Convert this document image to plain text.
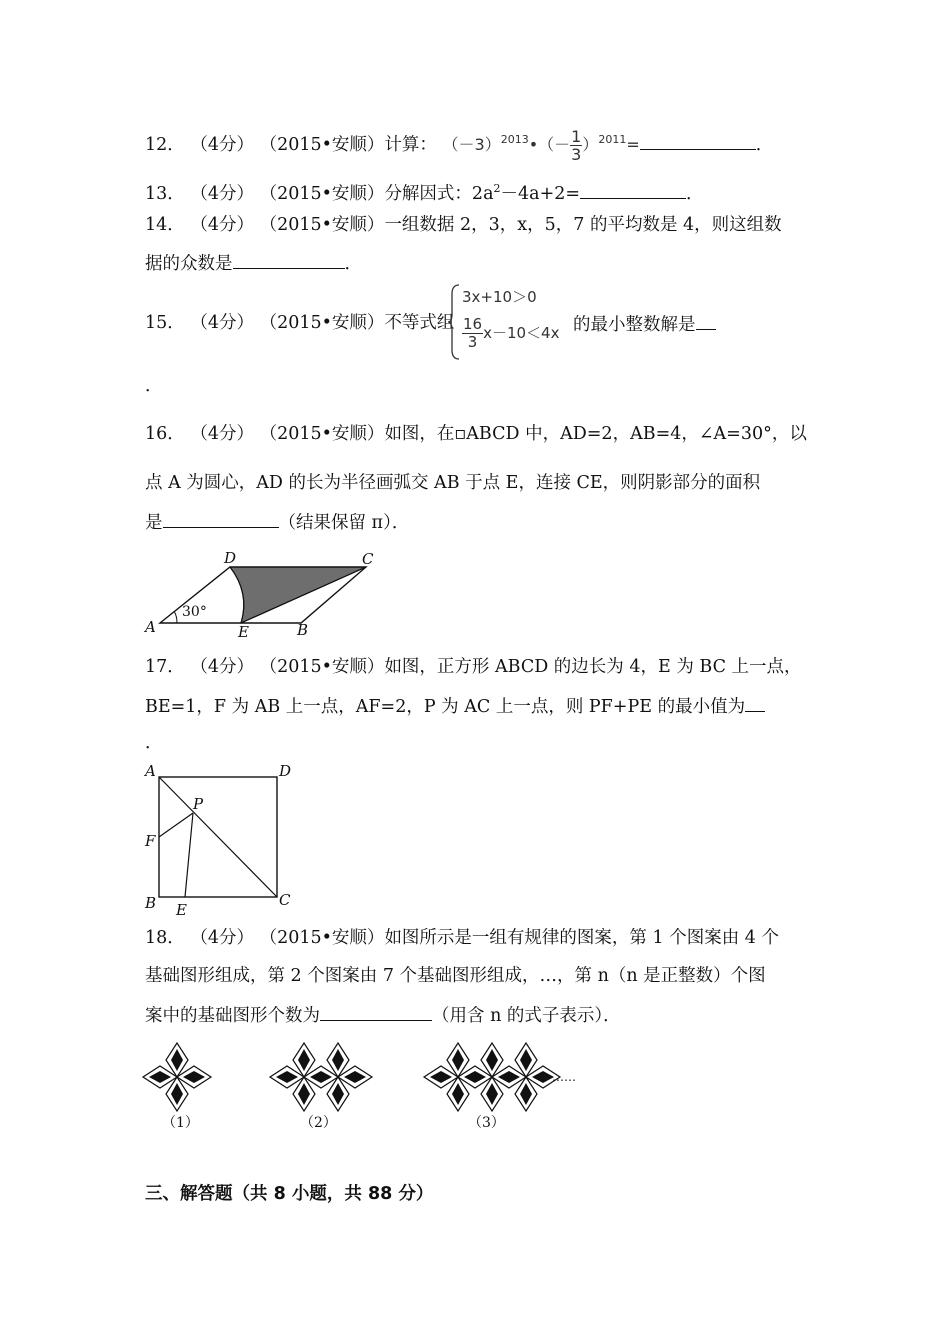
12． （4分） （2015•安顺）计算： $(-3)^{2013}•(- \frac{1}{3} )^{2011}=$	．
13． （4分） （2015•安顺）分解因式：$2a^2-4a+2=$	．
14． （4分） （2015•安顺）一组数据 2，3，x，5，7 的平均数是 4，则这组数
据的众数是	．
15． （4分） （2015•安顺）不等式组
3x+10＞0
$\frac{16}{3} x-10<4x$ 的最小整数解是
．
16． （4分） （2015•安顺）如图，在▫ABCD 中，AD=2，AB=4，∠A=30°，以
点 A 为圆心，AD 的长为半径画弧交 AB 于点 E，连接 CE，则阴影部分的面积
是	（结果保留 π）．
A	E	B
D	C
30°
17． （4分） （2015•安顺）如图，正方形 ABCD 的边长为 4，E 为 BC 上一点，
BE=1，F 为 AB 上一点，AF=2，P 为 AC 上一点，则 PF+PE 的最小值为
．
A	D
B	C
F
E
P
18． （4分） （2015•安顺）如图所示是一组有规律的图案，第 1 个图案由 4 个
基础图形组成，第 2 个图案由 7 个基础图形组成，…，第 n（n 是正整数）个图
案中的基础图形个数为	（用含 n 的式子表示）．
……
（1）	（2）	（3）
三、解答题（共 8 小题，共 88 分）
